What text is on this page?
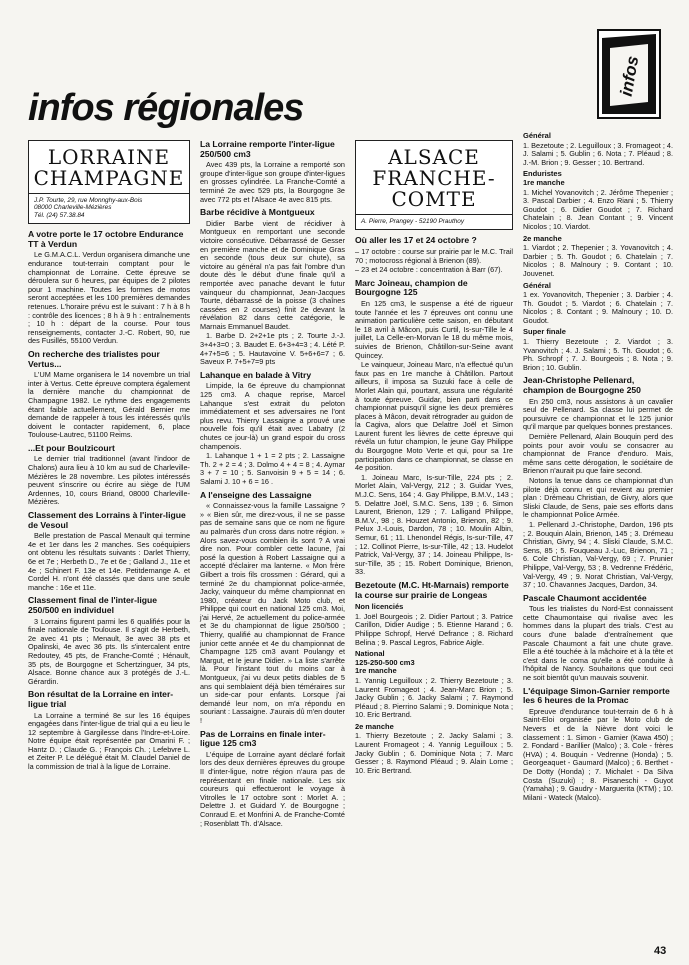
infos régionales
infos
LORRAINE
CHAMPAGNE
J.P. Tourte, 29, rue Monnghy-aux-Bois
08000 Charleville-Mézières
Tél. (24) 57.38.84
A votre porte le 17 octobre Endurance TT à Verdun

Le G.M.A.C.L. Verdun organisera dimanche une endurance tout-terrain comptant pour le championnat de Lorraine. Cette épreuve se déroulera sur 6 heures, par équipes de 2 pilotes pour 1 machine. Toutes les formes de motos seront acceptées et les 100 premières demandes retenues. L'horaire prévu est le suivant : 7 h à 8 h : contrôle des licences ; 8 h à 9 h : entraînements ; 10 h : départ de la course. Pour tous renseignements, contacter J.-C. Robert, 90, rue des Fusillés, 55100 Verdun.

On recherche des trialistes pour Vertus...

L'UM Marne organisera le 14 novembre un trial inter à Vertus. Cette épreuve comptera également la dernière manche du championnat de Champagne 1982. Le rythme des engagements étant faible actuellement, Gérald Bernier me demande de rappeler à tous les intéressés qu'ils doivent le contacter rapidement, 6, place Toulouse-Lautrec, 51100 Reims.

...Et pour Boulzicourt

Le dernier trial traditionnel (avant l'indoor de Chalons) aura lieu à 10 km au sud de Charleville-Mézières le 28 novembre. Les pilotes intéressés peuvent s'inscrire ou écrire au siège de l'UM Ardennes, 10, cours Briand, 08000 Charleville-Mézières.

Classement des Lorrains à l'inter-ligue de Vesoul

Belle prestation de Pascal Menault qui termine 4e et 1er dans les 2 manches. Ses coéquipiers ont obtenu les résultats suivants : Darlet Thierry, 6e et 7e ; Herbeth D., 7e et 6e ; Galland J., 11e et 4e ; Schinert F. 13e et 14e. Petitdemange A. et Cordel H. n'ont été classés que dans une seule manche : 16e et 11e.

Classement final de l'inter-ligue 250/500 en individuel

3 Lorrains figurent parmi les 6 qualifiés pour la finale nationale de Toulouse. Il s'agit de Herbeth, 2e avec 41 pts ; Menault, 3e avec 38 pts et Opalinski, 4e avec 36 pts. Ils s'intercalent entre Redoutey, 45 pts, de Franche-Comté ; Hénault, 35 pts, de Bourgogne et Schertzinguer, 34 pts, Alsace. Bonne chance aux 3 protégés de J.-L. Gérardin.

Bon résultat de la Lorraine en inter-ligue trial

La Lorraine a terminé 8e sur les 16 équipes engagées dans l'inter-ligue de trial qui a eu lieu le 12 septembre à Gargilesse dans l'Indre-et-Loire. Notre équipe était représentée par Omarini F. ; Hantz D. ; Claude G. ; François Ch. ; Lefebvre L. et Zeiter P. Le délégué était M. Claudel Daniel de la commission de trial à la ligue de Lorraine.

La Lorraine remporte l'inter-ligue 250/500 cm3

Avec 439 pts, la Lorraine a remporté son groupe d'inter-ligue son groupe d'inter-ligues en grosses cylindrée. La Franche-Comté a terminé 2e avec 529 pts, la Bourgogne 3e avec 772 pts et l'Alsace 4e avec 815 pts.

Barbe récidive à Montgueux

Didier Barbe vient de récidiver à Montgueux en remportant une seconde victoire consécutive. Débarrassé de Gesser en première manche et de Dominique Gras en seconde (tous deux sur chute), sa victoire au général n'a pas fait l'ombre d'un doute dès le début d'une finale qu'il a remportée avec panache devant le futur vainqueur du championnat, Jean-Jacques Tourte, débarrassé de la poisse (3 chaînes cassées en 2 courses) finit 2e devant la révélation 82 dans cette catégorie, le Marnais Emmanuel Baudet.

1. Barbe D. 2+2+1e pts ; 2. Tourte J.-J. 3+4+3=0 ; 3. Baudet E. 6+3+4=3 ; 4. Lété P. 4+7+5=6 ; 5. Hautavoine V. 5+6+6=7 ; 6. Saveux P. 7+5+7=9 pts

Lahanque en balade à Vitry

Limpide, la 6e épreuve du championnat 125 cm3. A chaque reprise, Marcel Lahanque s'est extrait du peloton immédiatement et ses adversaires ne l'ont plus revu. Thierry Lassaigne a prouvé une nouvelle fois qu'il était avec Labatry (2 chutes ce jour-là) un grand espoir du cross champenois.

1. Lahanque 1 + 1 = 2 pts ; 2. Lassaigne Th. 2 + 2 = 4 ; 3. Dolmo 4 + 4 = 8 ; 4. Aymar 3 + 7 = 10 ; 5. Sanvoisin 9 + 5 = 14 ; 6. Salami J. 10 + 6 = 16 .

A l'enseigne des Lassaigne

« Connaissez-vous la famille Lassaigne ? » « Bien sûr, me direz-vous, il ne se passe pas de semaine sans que ce nom ne figure au palmarès d'un cross dans notre région. » Alors savez-vous combien ils sont ? A vrai dire non. Pour combler cette lacune, j'ai posé la question à Robert Lassaigne qui a accepté d'éclairer ma lanterne. « Mon frère Gilbert a trois fils crossmen : Gérard, qui a terminé 2e du championnat police-armée, Jacky, vainqueur du même championnat en 1980, créateur du Jack Moto club, et Philippe qui court en national 125 cm3. Moi, j'ai Hervé, 2e actuellement du police-armée et 3e du championnat de ligue 250/500 ; Thierry, qualifié au championnat de France junior cette année et 4e du championnat de Champagne 125 cm3 avant Poulangy et Margut, et le jeune Didier. » La liste s'arrête là. Pour l'instant tout du moins car à Montgueux, j'ai vu deux petits diables de 5 ans qui semblaient déjà bien téméraires sur un side-car pour enfants. Lorsque j'ai demandé leur nom, on m'a répondu en souriant : Lassaigne. J'aurais dû m'en douter !

Pas de Lorrains en finale inter-ligue 125 cm3

L'équipe de Lorraine ayant déclaré forfait lors des deux dernières épreuves du groupe II d'inter-ligue, notre région n'aura pas de représentant en finale nationale. Les six coureurs qui effectueront le voyage à Vitrolles le 17 octobre sont : Morlet A. ; Delettre J. et Guidard Y. de Bourgogne ; Conraud E. et Monfrini A. de Franche-Comté ; Rosenblatt Th. d'Alsace.

ALSACE
FRANCHE-
COMTE
A. Pierre, Prangey - 52190 Prauthoy
Où aller les 17 et 24 octobre ?

– 17 octobre : course sur prairie par le M.C. Trail 70 ; motocross régional à Brienon (89).

– 23 et 24 octobre : concentration à Barr (67).

Marc Joineau, champion de Bourgogne 125

En 125 cm3, le suspense a été de rigueur toute l'année et les 7 épreuves ont connu une animation particulière cette saison, en débutant le 18 avril à Mâcon, puis Curtil, Is-sur-Tille le 4 juillet, La Celle-en-Morvan le 18 du même mois, suivies de Brienon, Châtillon-sur-Seine avant Quincey.

Le vainqueur, Joineau Marc, n'a effectué qu'un faux pas en 1re manche à Châtillon. Partout ailleurs, il imposa sa Suzuki face à celle de Morlet Alain qui, pourtant, assura une régularité à toute épreuve. Guidar, bien parti dans ce championnat puisqu'il signe les deux premières places à Mâcon, devait rétrograder au guidon de la Cagiva, alors que Delattre Joël et Simon Laurent furent les lièvres de cette épreuve qui révéla un futur champion, le jeune Gay Philippe du Bourgogne Moto Verte et qui, pour sa 1re participation dans ce championnat, se classe en 4e position.

1. Joineau Marc, Is-sur-Tille, 224 pts ; 2. Morlet Alain, Val-Vergy, 212 ; 3. Guidar Yves, M.J.C. Sens, 164 ; 4. Gay Philippe, B.M.V., 143 ; 5. Delattre Joël, S.M.C. Sens, 139 ; 6. Simon Laurent, Brienon, 129 ; 7. Lalligand Philippe, B.M.V., 98 ; 8. Houzet Antonio, Brienon, 82 ; 9. Pelux J.-Louis, Dardon, 78 ; 10. Moulin Albin, Semur, 61 ; 11. Lhenondel Régis, Is-sur-Tille, 47 ; 12. Collinot Pierre, Is-sur-Tille, 42 ; 13. Hudelot Patrick, Val-Vergy, 37 ; 14. Joineau Philippe, Is-sur-Tille, 35 ; 15. Robert Dominique, Brienon, 33.

Bezetoute (M.C. Ht-Marnais) remporte la course sur prairie de Longeas
Non licenciés

1. Joël Bourgeois ; 2. Didier Partout ; 3. Patrice Carillon, Didier Audige ; 5. Etienne Harand ; 6. Philippe Schropf, Hervé Defrance ; 8. Richard Belina ; 9. Pascal Legros, Fabrice Aigle.

National
125-250-500 cm3
1re manche

1. Yannig Leguilloux ; 2. Thierry Bezetoute ; 3. Laurent Fromageot ; 4. Jean-Marc Brion ; 5. Jacky Gublin ; 6. Jacky Salami ; 7. Raymond Pléaud ; 8. Pierrino Salami ; 9. Dominique Nota ; 10. Eric Bertrand.

2e manche

1. Thierry Bezetoute ; 2. Jacky Salami ; 3. Laurent Fromageot ; 4. Yannig Leguilloux ; 5. Jacky Gublin ; 6. Dominique Nota ; 7. Marc Gesser ; 8. Raymond Pléaud ; 9. Alain Lorne ; 10. Eric Bertrand.

Général

1. Bezetoute ; 2. Leguilloux ; 3. Fromageot ; 4. J. Salami ; 5. Gublin ; 6. Nota ; 7. Pléaud ; 8. J.-M. Brion ; 9. Gesser ; 10. Bertrand.

Enduristes
1re manche

1. Michel Yovanovitch ; 2. Jérôme Thepenier ; 3. Pascal Darbier ; 4. Enzo Riani ; 5. Thierry Goudot ; 6. Didier Goudot ; 7. Richard Chatelain ; 8. Jean Contant ; 9. Vincent Nicolos ; 10. Viardot.

2e manche

1. Viardot ; 2. Thepenier ; 3. Yovanovitch ; 4. Darbier ; 5. Th. Goudot ; 6. Chatelain ; 7. Nicolos ; 8. Malnoury ; 9. Contant ; 10. Jouvenet.

Général

1 ex. Yovanovitch, Thepenier ; 3. Darbier ; 4. Th. Goudot ; 5. Viardot ; 6. Chatelain ; 7. Nicolos ; 8. Contant ; 9. Malnoury ; 10. D. Goudot.

Super finale

1. Thierry Bezetoute ; 2. Viardot ; 3. Yvanovitch ; 4. J. Salami ; 5. Th. Goudot ; 6. Ph. Schropf ; 7. J. Bourgeois ; 8. Nota ; 9. Brion ; 10. Gublin.

Jean-Christophe Pellenard, champion de Bourgogne 250

En 250 cm3, nous assistons à un cavalier seul de Pellenard. Sa classe lui permet de poursuivre ce championnat et le 125 junior qu'il marque par quelques bonnes prestances.

Dernière Pellenard, Alain Bouquin perd des points pour avoir voulu se consacrer au championnat de France d'enduro. Mais, même sans cette dérogation, le sociétaire de Brienon n'aurait pu que faire second.

Notons la tenue dans ce championnat d'un pilote déjà connu et qui revient au premier plan : Drémeau Christian, de Givry, alors que Sliski Claude, de Sens, paie ses efforts dans le championnat Police Armée.

1. Pellenard J.-Christophe, Dardon, 196 pts ; 2. Bouquin Alain, Brienon, 145 ; 3. Drémeau Christian, Givry, 94 ; 4. Sliski Claude, S.M.C. Sens, 85 ; 5. Fouqueau J.-Luc, Brienon, 71 ; 6. Cole Christian, Val-Vergy, 69 ; 7. Prunier Philippe, Val-Vergy, 53 ; 8. Vedrenne Frédéric, Val-Vergy, 49 ; 9. Norat Christian, Val-Vergy, 37 ; 10. Chavannes Jacques, Dardon, 34.

Pascale Chaumont accidentée

Tous les trialistes du Nord-Est connaissent cette Chaumontaise qui rivalise avec les hommes dans la plupart des trials. C'est au cours d'une balade d'entraînement que Pascale Chaumont a fait une chute grave. Elle a été touchée à la mâchoire et à la tête et c'est dans le coma qu'elle a été conduite à l'hôpital de Nancy. Souhaitons que tout ceci ne soit bientôt qu'un mauvais souvenir.

L'équipage Simon-Garnier remporte les 6 heures de la Promac

Epreuve d'endurance tout-terrain de 6 h à Saint-Eloi organisée par le Moto club de Nevers et de la Nièvre dont voici le classement : 1. Simon - Garnier (Kawa 450) ; 2. Fondard - Barillier (Malco) ; 3. Cole - frères (HVA) ; 4. Bouquin - Vedrenne (Honda) ; 5. Georgeaquet - Gaumard (Malco) ; 6. Berthet - De Dotty (Honda) ; 7. Michalet - Da Silva Costa (Suzuki) ; 8. Pisaneschi - Guyot (Yamaha) ; 9. Gaudry - Marguerita (KTM) ; 10. Milani - Wateck (Malco).

43
